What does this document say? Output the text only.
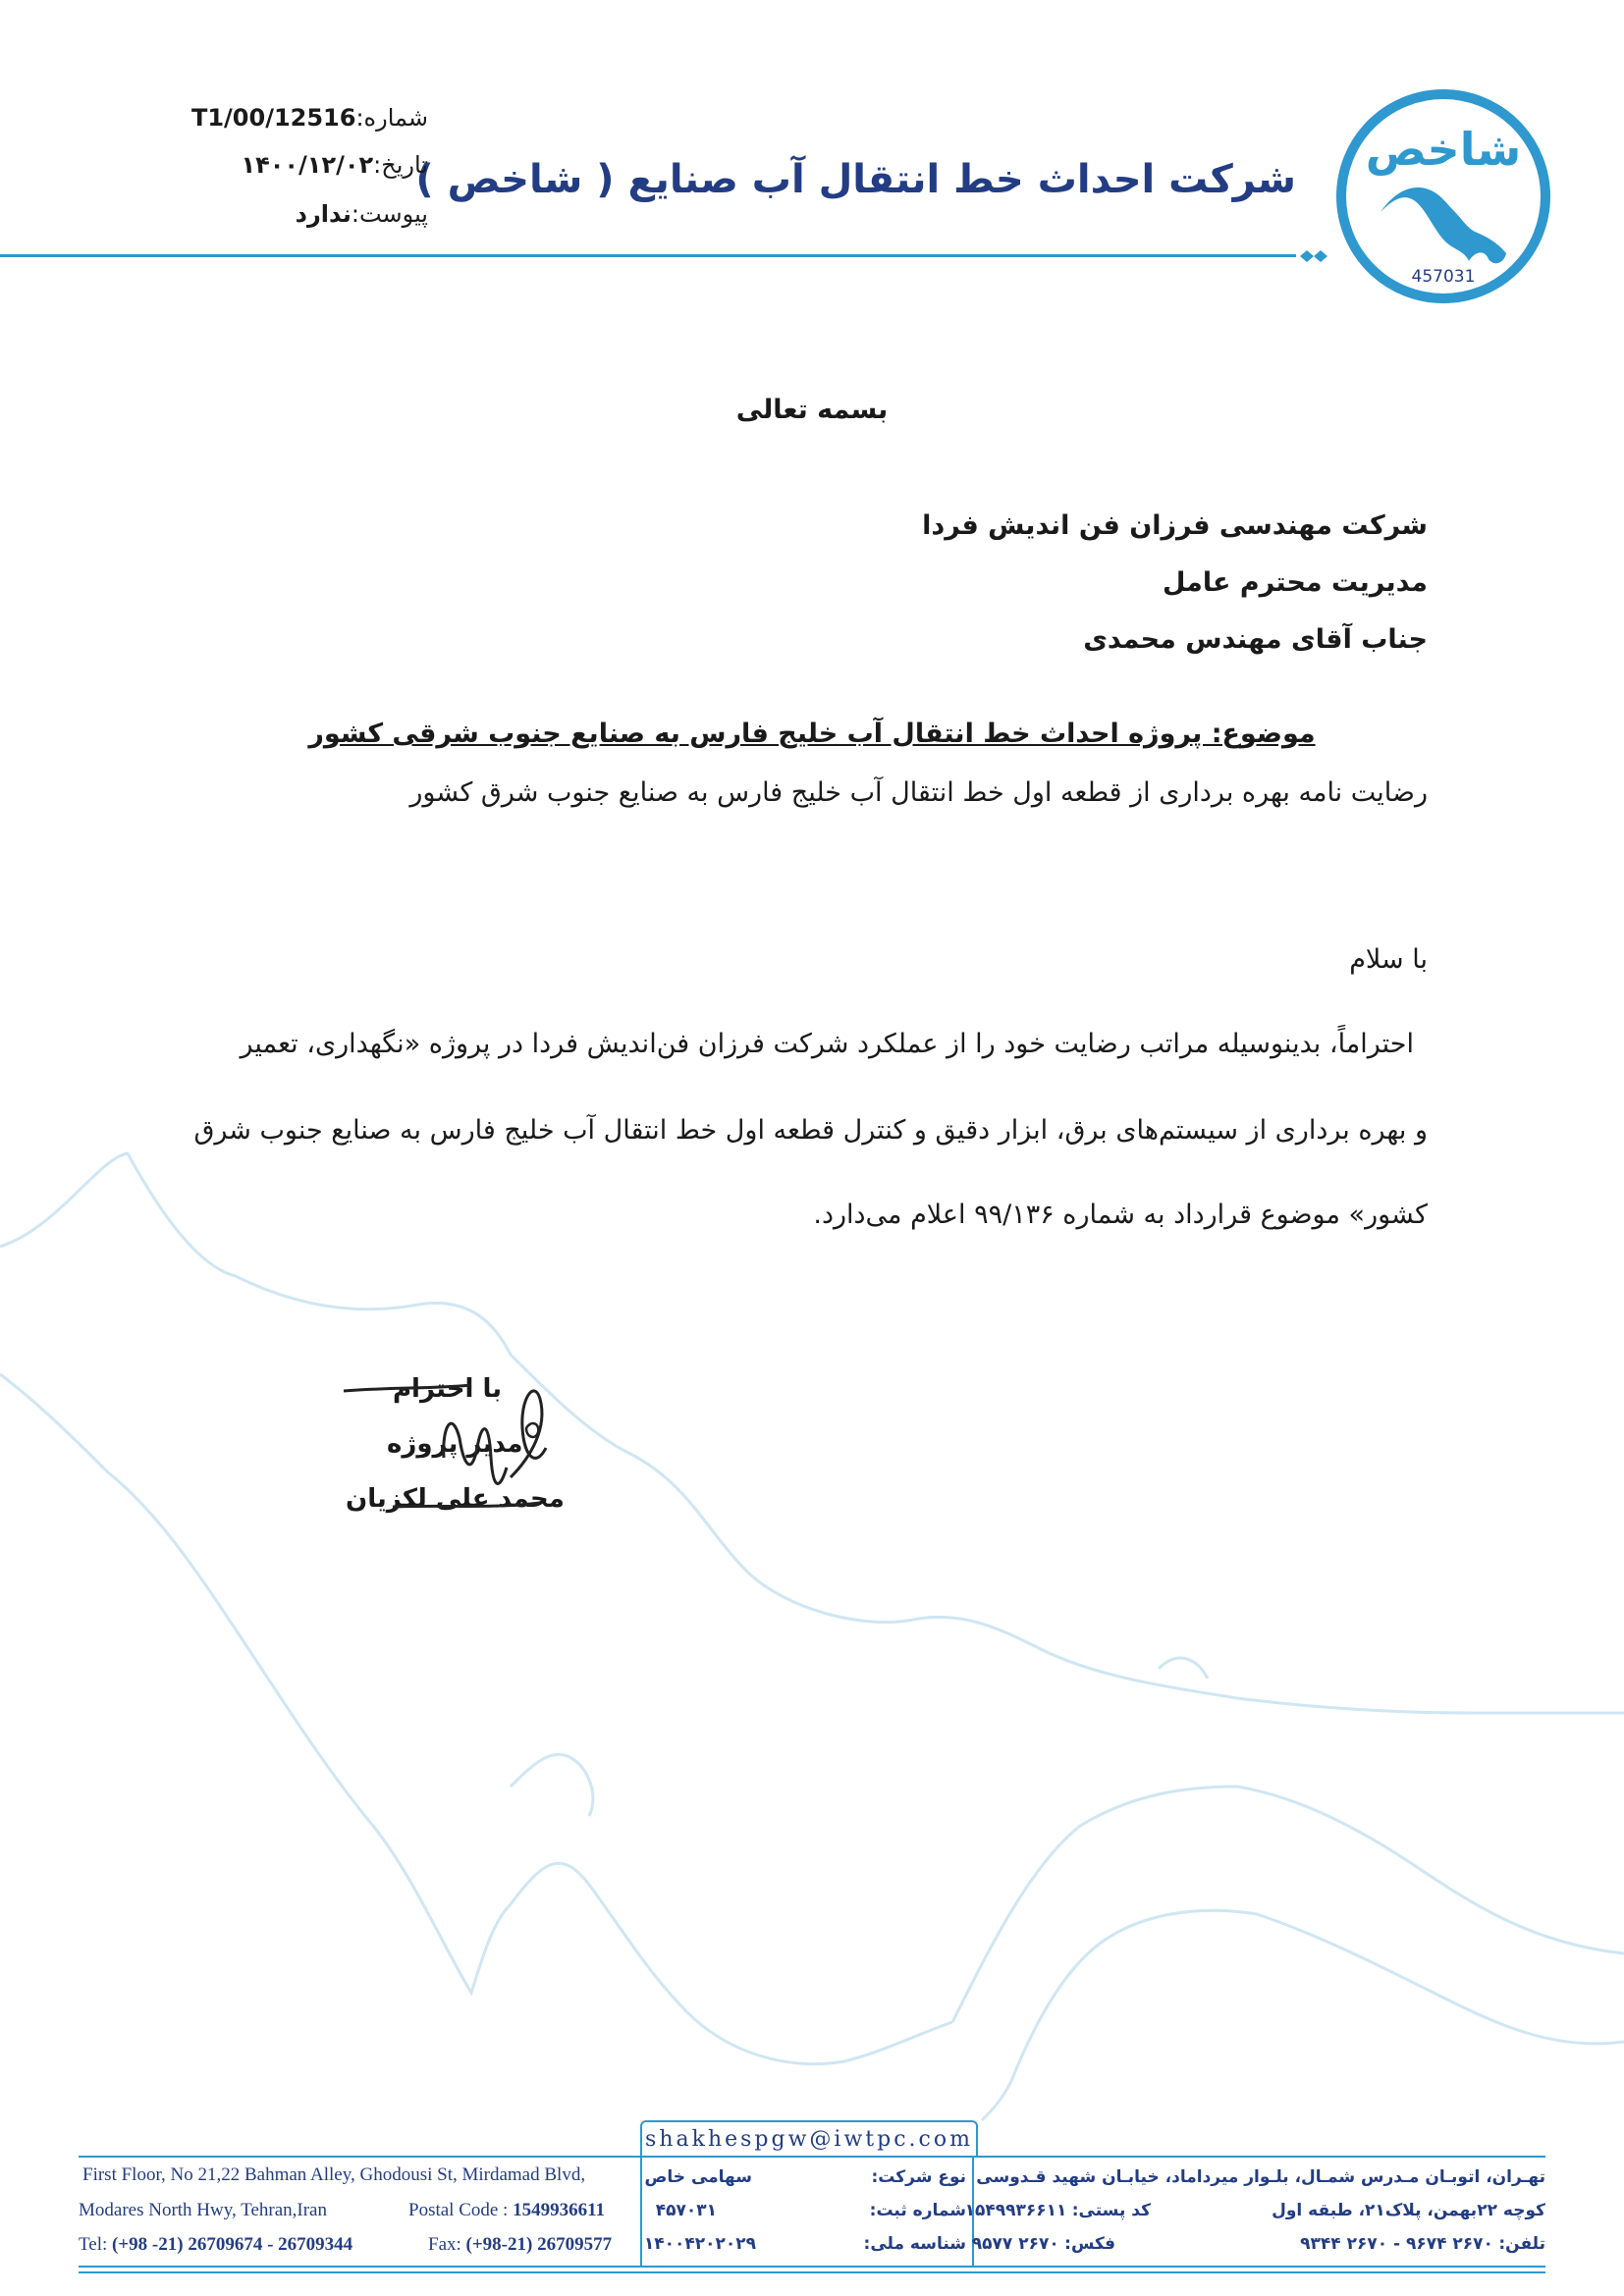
شاخص
457031
شرکت احداث خط انتقال آب صنایع ( شاخص )
شماره:T1/00/12516
تاریخ:۱۴۰۰/۱۲/۰۲
پیوست:ندارد
بسمه تعالی
شرکت مهندسی فرزان فن اندیش فردا
مدیریت محترم عامل
جناب آقای مهندس محمدی
موضوع: پروژه احداث خط انتقال آب خلیج فارس به صنایع جنوب شرقی کشور
رضایت نامه بهره برداری از قطعه اول خط انتقال آب خلیج فارس به صنایع جنوب شرق کشور
با سلام
احتراماً، بدینوسیله مراتب رضایت خود را از عملکرد شرکت فرزان فن‌اندیش فردا در پروژه «نگهداری، تعمیر
و بهره برداری از سیستم‌های برق، ابزار دقیق و کنترل قطعه اول خط انتقال آب خلیج فارس به صنایع جنوب شرق
کشور» موضوع قرارداد به شماره ۹۹/۱۳۶ اعلام می‌دارد.
با احترام
مدیر پروژه
محمد علی لکزیان
shakhespgw@iwtpc.com
First Floor, No 21,22 Bahman Alley, Ghodousi St, Mirdamad Blvd,
Modares North Hwy, Tehran,Iran	Postal Code : 1549936611
Tel: (+98 -21) 26709674 - 26709344	Fax: (+98-21) 26709577
نوع شرکت:
سهامی خاص
شماره ثبت:
۴۵۷۰۳۱
شناسه ملی:
۱۴۰۰۴۲۰۲۰۲۹
تهـران، اتوبـان مـدرس شمـال، بلـوار میرداماد، خیابـان شهید قـدوسی
کوچه ۲۲بهمن، پلاک۲۱، طبقه اول
کد پستی: ۱۵۴۹۹۳۶۶۱۱
تلفن: ۲۶۷۰ ۹۶۷۴ - ۲۶۷۰ ۹۳۴۴
فکس: ۲۶۷۰ ۹۵۷۷
